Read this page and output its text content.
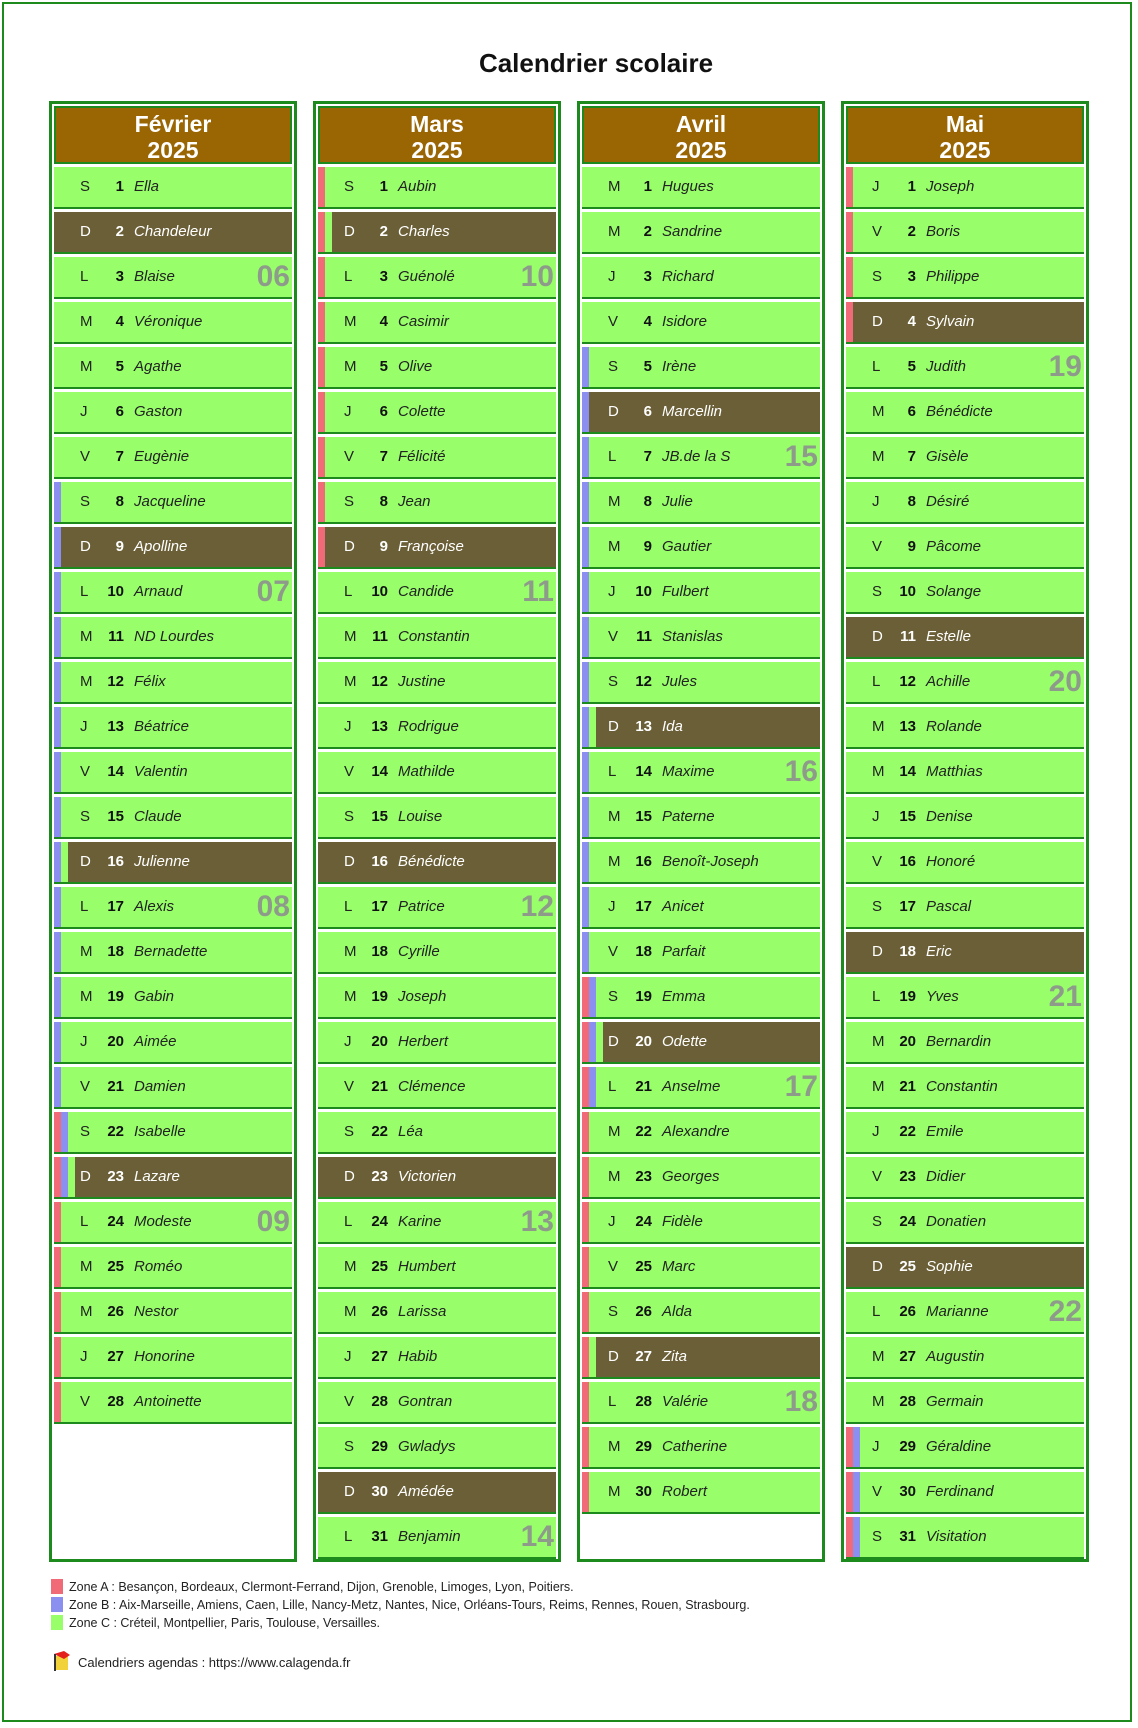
Calendrier scolaire
Février
2025
S	1 Ella
D	2 Chandeleur
L	3 Blaise	06
M	4 Véronique
M	5 Agathe
J	6 Gaston
V	7 Eugènie
S	8 Jacqueline
D	9 Apolline
L	10 Arnaud 07
M	11 ND Lourdes
M 12 Félix
J	13 Béatrice
V	14 Valentin
S	15 Claude
D	16 Julienne
L	17 Alexis	08
M 18 Bernadette
M 19 Gabin
J	20 Aimée
V	21 Damien
S	22 Isabelle
D	23 Lazare
L	24 Modeste 09
M 25 Roméo
M 26 Nestor
J	27 Honorine
V	28 Antoinette
Mars
2025
S	1 Aubin
D	2 Charles
L	3 Guénolé 10
M	4 Casimir
M	5 Olive
J	6 Colette
V	7 Félicité
S	8 Jean
D	9 Françoise
L	10 Candide 11
M	11 Constantin
M 12 Justine
J	13 Rodrigue
V	14 Mathilde
S	15 Louise
D	16 Bénédicte
L	17 Patrice	12
M 18 Cyrille
M 19 Joseph
J	20 Herbert
V	21 Clémence
S	22 Léa
D	23 Victorien
L	24 Karine	13
M 25 Humbert
M 26 Larissa
J	27 Habib
V	28 Gontran
S	29 Gwladys
D	30 Amédée
L	31 Benjamin 14
Avril
2025
M	1 Hugues
M	2 Sandrine
J	3 Richard
V	4 Isidore
S	5 Irène
D	6 Marcellin
L	7 JB.de la S 15
M	8 Julie
M	9 Gautier
J	10 Fulbert
V	11 Stanislas
S	12 Jules
D	13 Ida
L	14 Maxime 16
M 15 Paterne
M 16 Benoît-Joseph
J	17 Anicet
V	18 Parfait
S	19 Emma
D	20 Odette
L	21 Anselme 17
M 22 Alexandre
M 23 Georges
J	24 Fidèle
V	25 Marc
S	26 Alda
D	27 Zita
L	28 Valérie	18
M 29 Catherine
M 30 Robert
Mai
2025
J	1 Joseph
V	2 Boris
S	3 Philippe
D	4 Sylvain
L	5 Judith	19
M	6 Bénédicte
M	7 Gisèle
J	8 Désiré
V	9 Pâcome
S	10 Solange
D	11 Estelle
L	12 Achille	20
M 13 Rolande
M 14 Matthias
J	15 Denise
V	16 Honoré
S	17 Pascal
D	18 Eric
L	19 Yves	21
M 20 Bernardin
M 21 Constantin
J	22 Emile
V	23 Didier
S	24 Donatien
D	25 Sophie
L	26 Marianne 22
M 27 Augustin
M 28 Germain
J	29 Géraldine
V	30 Ferdinand
S	31 Visitation
Zone A : Besançon, Bordeaux, Clermont-Ferrand, Dijon, Grenoble, Limoges, Lyon, Poitiers.
Zone B : Aix-Marseille, Amiens, Caen, Lille, Nancy-Metz, Nantes, Nice, Orléans-Tours, Reims, Rennes, Rouen, Strasbourg.
Zone C : Créteil, Montpellier, Paris, Toulouse, Versailles.
Calendriers agendas : https://www.calagenda.fr
